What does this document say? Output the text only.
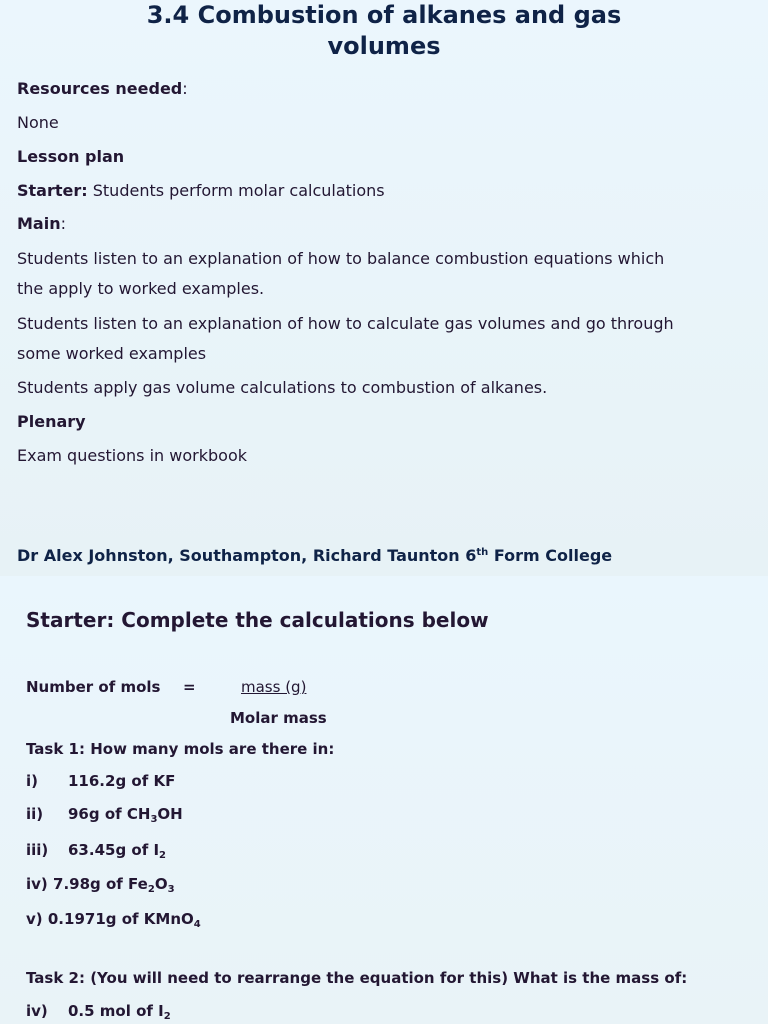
3.4 Combustion of alkanes and gas
volumes
Resources needed:
None
Lesson plan
Starter: Students perform molar calculations
Main:
Students listen to an explanation of how to balance combustion equations which
the apply to worked examples.
Students listen to an explanation of how to calculate gas volumes and go through
some worked examples
Students apply gas volume calculations to combustion of alkanes.
Plenary
Exam questions in workbook
Dr Alex Johnston, Southampton, Richard Taunton 6th Form College
Starter: Complete the calculations below
Number of mols =	mass (g)
Molar mass
Task 1: How many mols are there in:
i) 116.2g of KF
ii) 96g of $CH_3OH$
iii) 63.45g of $I_2$
iv) 7.98g of $Fe_2O_3$
v) 0.1971g of KMnO$_4$
Task 2: (You will need to rearrange the equation for this) What is the mass of:
iv) 0.5 mol of $I_2$
